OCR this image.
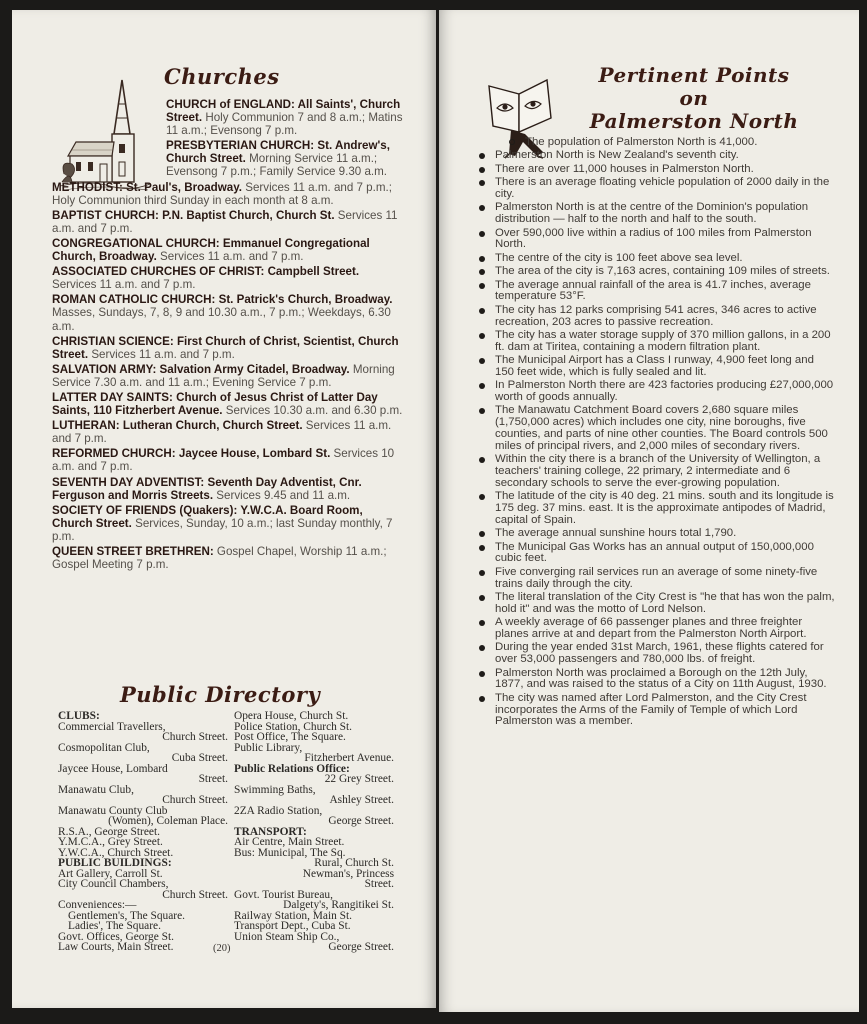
Churches
CHURCH of ENGLAND: All Saints', Church Street. Holy Communion 7 and 8 a.m.; Matins 11 a.m.; Evensong 7 p.m.
PRESBYTERIAN CHURCH: St. Andrew's, Church Street. Morning Service 11 a.m.; Evensong 7 p.m.; Family Service 9.30 a.m.
METHODIST: St. Paul's, Broadway. Services 11 a.m. and 7 p.m.; Holy Communion third Sunday in each month at 8 a.m.
BAPTIST CHURCH: P.N. Baptist Church, Church St. Services 11 a.m. and 7 p.m.
CONGREGATIONAL CHURCH: Emmanuel Congregational Church, Broadway. Services 11 a.m. and 7 p.m.
ASSOCIATED CHURCHES OF CHRIST: Campbell Street. Services 11 a.m. and 7 p.m.
ROMAN CATHOLIC CHURCH: St. Patrick's Church, Broadway. Masses, Sundays, 7, 8, 9 and 10.30 a.m., 7 p.m.; Weekdays, 6.30 a.m.
CHRISTIAN SCIENCE: First Church of Christ, Scientist, Church Street. Services 11 a.m. and 7 p.m.
SALVATION ARMY: Salvation Army Citadel, Broadway. Morning Service 7.30 a.m. and 11 a.m.; Evening Service 7 p.m.
LATTER DAY SAINTS: Church of Jesus Christ of Latter Day Saints, 110 Fitzherbert Avenue. Services 10.30 a.m. and 6.30 p.m.
LUTHERAN: Lutheran Church, Church Street. Services 11 a.m. and 7 p.m.
REFORMED CHURCH: Jaycee House, Lombard St. Services 10 a.m. and 7 p.m.
SEVENTH DAY ADVENTIST: Seventh Day Adventist, Cnr. Ferguson and Morris Streets. Services 9.45 and 11 a.m.
SOCIETY OF FRIENDS (Quakers): Y.W.C.A. Board Room, Church Street. Services, Sunday, 10 a.m.; last Sunday monthly, 7 p.m.
QUEEN STREET BRETHREN: Gospel Chapel, Worship 11 a.m.; Gospel Meeting 7 p.m.
Public Directory
CLUBS:
Commercial Travellers,
Church Street.
Cosmopolitan Club,
Cuba Street.
Jaycee House, Lombard
Street.
Manawatu Club,
Church Street.
Manawatu County Club
(Women), Coleman Place.
R.S.A., George Street.
Y.M.C.A., Grey Street.
Y.W.C.A., Church Street.
PUBLIC BUILDINGS:
Art Gallery, Carroll St.
City Council Chambers,
Church Street.
Conveniences:—
Gentlemen's, The Square.
Ladies', The Square.
Govt. Offices, George St.
Law Courts, Main Street.
Opera House, Church St.
Police Station, Church St.
Post Office, The Square.
Public Library,
Fitzherbert Avenue.
Public Relations Office:
22 Grey Street.
Swimming Baths,
Ashley Street.
2ZA Radio Station,
George Street.
TRANSPORT:
Air Centre, Main Street.
Bus: Municipal, The Sq.
Rural, Church St.
Newman's, Princess
Street.
Govt. Tourist Bureau,
Dalgety's, Rangitikei St.
Railway Station, Main St.
Transport Dept., Cuba St.
Union Steam Ship Co.,
George Street.
(20)
Pertinent Points
on
Palmerston North
The population of Palmerston North is 41,000.
Palmerston North is New Zealand's seventh city.
There are over 11,000 houses in Palmerston North.
There is an average floating vehicle population of 2000 daily in the city.
Palmerston North is at the centre of the Dominion's population distribution — half to the north and half to the south.
Over 590,000 live within a radius of 100 miles from Palmerston North.
The centre of the city is 100 feet above sea level.
The area of the city is 7,163 acres, containing 109 miles of streets.
The average annual rainfall of the area is 41.7 inches, average temperature 53°F.
The city has 12 parks comprising 541 acres, 346 acres to active recreation, 203 acres to passive recreation.
The city has a water storage supply of 370 million gallons, in a 200 ft. dam at Tiritea, containing a modern filtration plant.
The Municipal Airport has a Class I runway, 4,900 feet long and 150 feet wide, which is fully sealed and lit.
In Palmerston North there are 423 factories producing £27,000,000 worth of goods annually.
The Manawatu Catchment Board covers 2,680 square miles (1,750,000 acres) which includes one city, nine boroughs, five counties, and parts of nine other counties. The Board controls 500 miles of principal rivers, and 2,000 miles of secondary rivers.
Within the city there is a branch of the University of Wellington, a teachers' training college, 22 primary, 2 intermediate and 6 secondary schools to serve the ever-growing population.
The latitude of the city is 40 deg. 21 mins. south and its longitude is 175 deg. 37 mins. east. It is the approximate antipodes of Madrid, capital of Spain.
The average annual sunshine hours total 1,790.
The Municipal Gas Works has an annual output of 150,000,000 cubic feet.
Five converging rail services run an average of some ninety-five trains daily through the city.
The literal translation of the City Crest is "he that has won the palm, hold it" and was the motto of Lord Nelson.
A weekly average of 66 passenger planes and three freighter planes arrive at and depart from the Palmerston North Airport.
During the year ended 31st March, 1961, these flights catered for over 53,000 passengers and 780,000 lbs. of freight.
Palmerston North was proclaimed a Borough on the 12th July, 1877, and was raised to the status of a City on 11th August, 1930.
The city was named after Lord Palmerston, and the City Crest incorporates the Arms of the Family of Temple of which Lord Palmerston was a member.
